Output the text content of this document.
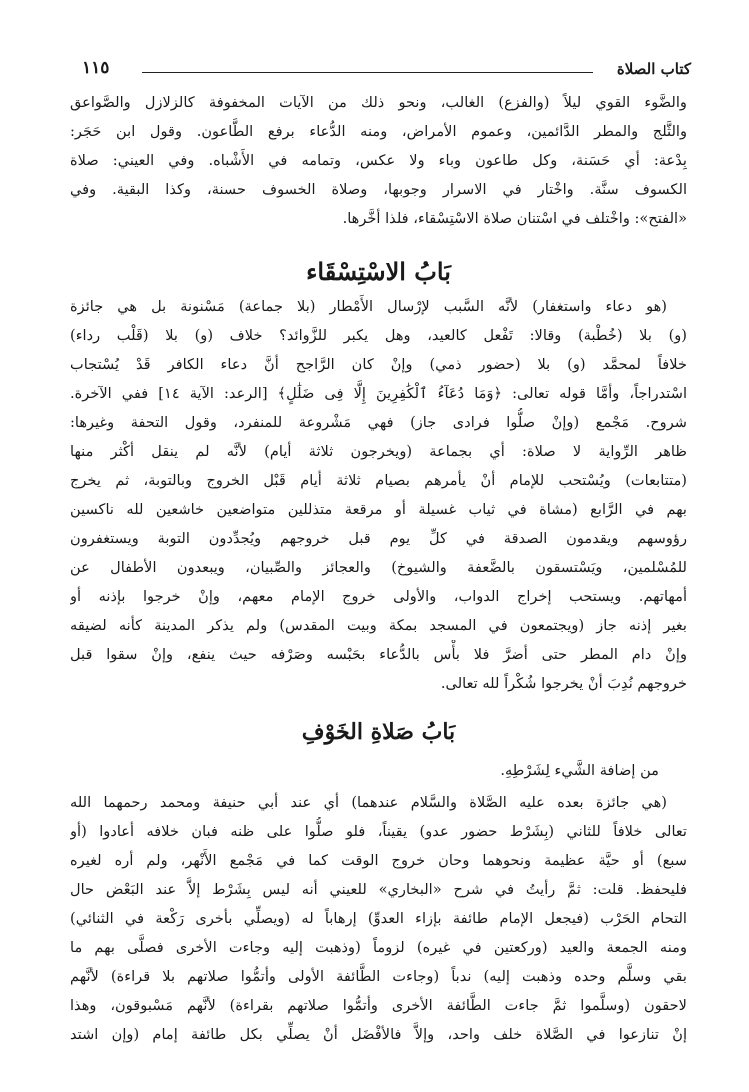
كتاب الصلاة
١١٥
والضَّوء القوي ليلاً (والفزع) الغالب، ونحو ذلك من الآيات المخفوفة كالزلازل والصَّواعق
والثَّلج والمطر الدَّائمين، وعموم الأمراض، ومنه الدُّعاء برفع الطَّاعون. وقول ابن حَجَر:
بِدْعة: أي حَسَنة، وكل طاعون وباء ولا عكس، وتمامه في الأَشْباه. وفي العيني: صلاة
الكسوف سنَّة. واخْتار في الاسرار وجوبها، وصلاة الخسوف حسنة، وكذا البقية. وفي
«الفتح»: واخْتلف في اسْتنان صلاة الاسْتِسْقاء، فلذا أخَّرها.
بَابُ الاسْتِسْقَاء
(هو دعاء واستغفار) لأنَّه السَّبب لإرْسال الأَمْطار (بلا جماعة) مَسْنونة بل هي جائزة
(و) بلا (خُطْبة) وقالا: تَفْعل كالعيد، وهل يكبر للزَّوائد؟ خلاف (و) بلا (قَلْب رداء)
خلافاً لمحمَّد (و) بلا (حضور ذمي) وإنْ كان الرَّاجح أنَّ دعاء الكافر قَدْ يُسْتجاب
اسْتدراجاً، وأمَّا قوله تعالى: ﴿وَمَا دُعَآءُ ٱلْكَٰفِرِينَ إِلَّا فِى ضَلَٰلٍ﴾ [الرعد: الآية ١٤] ففي الآخرة.
شروح. مَجْمع (وإنْ صلُّوا فرادى جاز) فهي مَشْروعة للمنفرد، وقول التحفة وغيرها:
ظاهر الرِّواية لا صلاة: أي بجماعة (ويخرجون ثلاثة أيام) لأنَّه لم ينقل أكْثر منها
(متتابعات) ويُسْتحب للإمام أنْ يأمرهم بصيام ثلاثة أيام قَبْل الخروج وبالتوبة، ثم يخرج
بهم في الرَّابع (مشاة في ثياب غسيلة أو مرقعة متذللين متواضعين خاشعين لله ناكسين
رؤوسهم ويقدمون الصدقة في كلِّ يوم قبل خروجهم ويُجدِّدون التوبة ويستغفرون
للمُسْلمين، ويَسْتسقون بالضَّعفة والشيوخ) والعجائز والصِّبيان، ويبعدون الأطفال عن
أمهاتهم. ويستحب إخراج الدواب، والأولى خروج الإمام معهم، وإنْ خرجوا بإذنه أو
بغير إذنه جاز (ويجتمعون في المسجد بمكة وبيت المقدس) ولم يذكر المدينة كأنه لضيقه
وإنْ دام المطر حتى أضرَّ فلا بأْس بالدُّعاء بحَبْسه وصَرْفه حيث ينفع، وإنْ سقوا قبل
خروجهم نُدِبَ أنْ يخرجوا شُكْراً لله تعالى.
بَابُ صَلاةِ الخَوْفِ
من إضافة الشَّيء لِشَرْطِهِ.
(هي جائزة بعده عليه الصَّلاة والسَّلام عندهما) أي عند أبي حنيفة ومحمد رحمهما الله
تعالى خلافاً للثاني (بِشَرْط حضور عدو) يقيناً، فلو صلُّوا على ظنه فبان خلافه أعادوا (أو
سبع) أو حيَّة عظيمة ونحوهما وحان خروج الوقت كما في مَجْمع الأَنْهر، ولم أره لغيره
فليحفظ. قلت: ثمَّ رأيتُ في شرح «البخاري» للعيني أنه ليس بِشَرْط إلاَّ عند البَعْض حال
التحام الحَرْب (فيجعل الإمام طائفة بإزاء العدوِّ) إرهاباً له (ويصلِّي بأخرى رَكْعة في الثنائي)
ومنه الجمعة والعيد (وركعتين في غيره) لزوماً (وذهبت إليه وجاءت الأخرى فصلَّى بهم ما
بقي وسلَّم وحده وذهبت إليه) ندباً (وجاءت الطَّائفة الأولى وأتمُّوا صلاتهم بلا قراءة) لأنَّهم
لاحقون (وسلَّموا ثمَّ جاءت الطَّائفة الأخرى وأتمُّوا صلاتهم بقراءة) لأنَّهم مَسْبوقون، وهذا
إنْ تنازعوا في الصَّلاة خلف واحد، وإلاَّ فالأفْضَل أنْ يصلِّي بكل طائفة إمام (وإن اشتد
